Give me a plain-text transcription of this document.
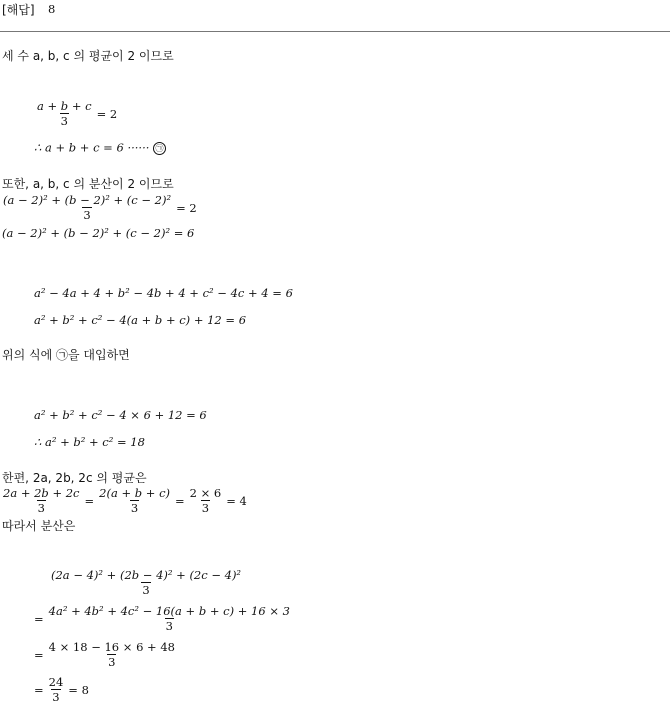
[해답] 8
세 수 a, b, c 의 평균이 2 이므로
$\frac{a + b + c}{3} = 2$
∴ a + b + c = 6 ······ ㉠
또한, a, b, c 의 분산이 2 이므로
$\frac{\text{(a − 2)² + (b − 2)² + (c − 2)²}}{3} = 2$
(a − 2)² + (b − 2)² + (c − 2)² = 6
a² − 4a + 4 + b² − 4b + 4 + c² − 4c + 4 = 6
a² + b² + c² − 4(a + b + c) + 12 = 6
위의 식에 ㉠을 대입하면
a² + b² + c² − 4 × 6 + 12 = 6
∴ a² + b² + c² = 18
한편, 2a, 2b, 2c 의 평균은
$\frac{2a + 2b + 2c}{3} = \frac{2(a + b + c)}{3} = \frac{2 \times 6}{3} = 4$
따라서 분산은
$\frac{\text{(2a − 4)² + (2b − 4)² + (2c − 4)²}}{3}$
= $\frac{\text{4a² + 4b² + 4c² − 16(a + b + c) + 16 × 3}}{3}$
= $\frac{4 \times 18 - 16 \times 6 + 48}{3}$
= $\frac{24}{3} = 8$
